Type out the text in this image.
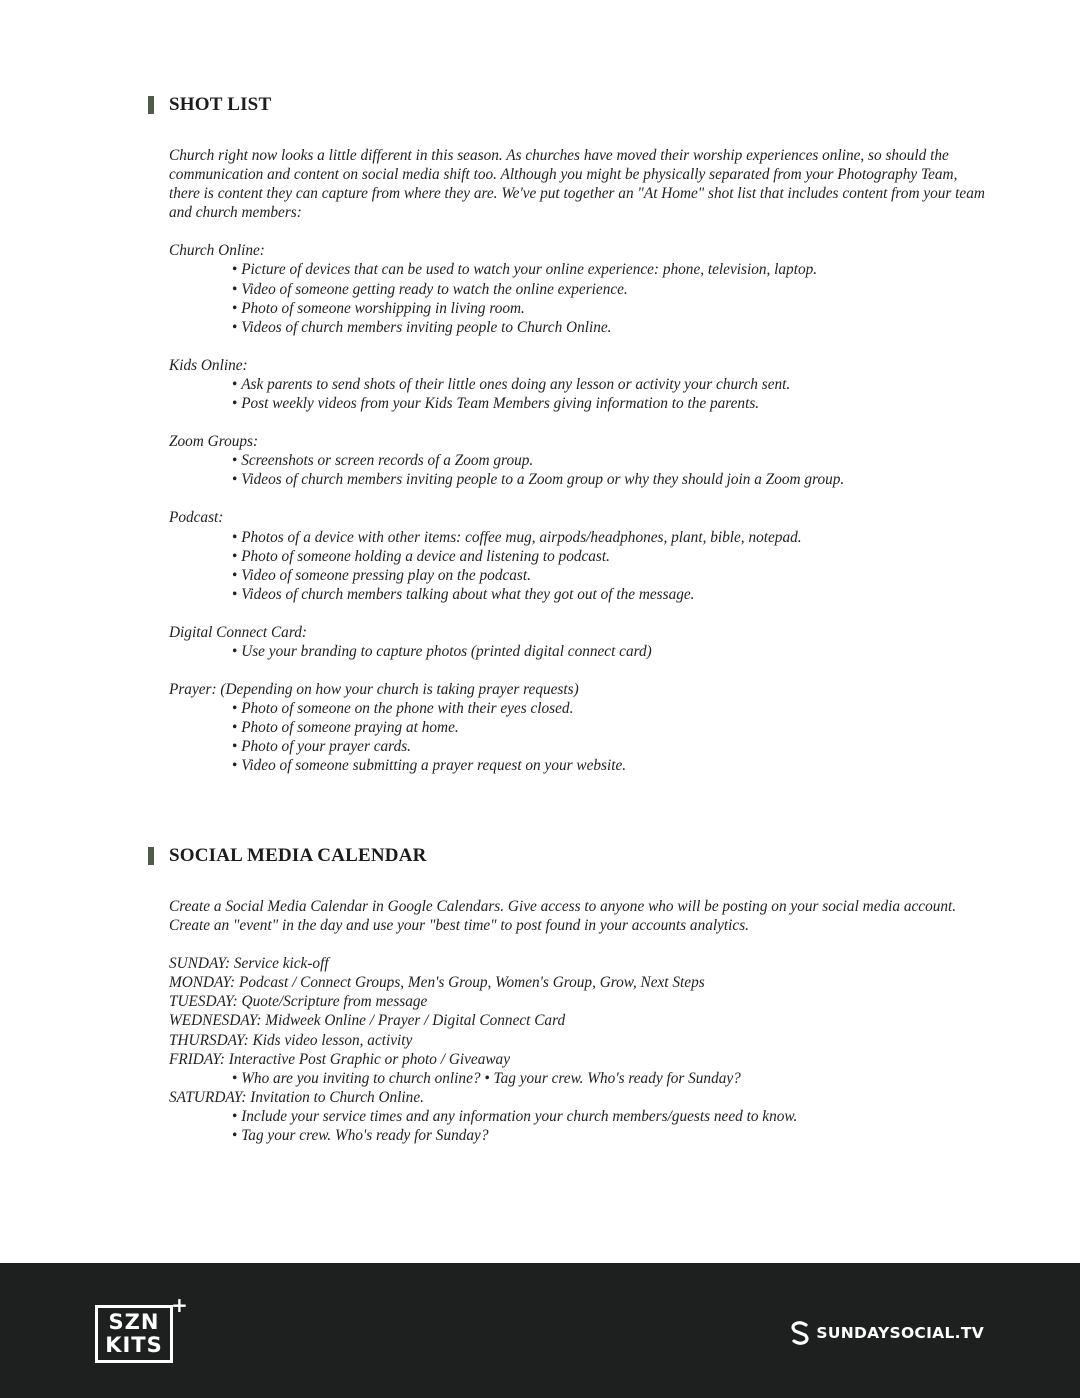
SHOT LIST

Church right now looks a little different in this season. As churches have moved their worship experiences online, so should the communication and content on social media shift too. Although you might be physically separated from your Photography Team, there is content they can capture from where they are. We've put together an "At Home" shot list that includes content from your team and church members:

Church Online:

• Picture of devices that can be used to watch your online experience: phone, television, laptop.
• Video of someone getting ready to watch the online experience.
• Photo of someone worshipping in living room.
• Videos of church members inviting people to Church Online.

Kids Online:

• Ask parents to send shots of their little ones doing any lesson or activity your church sent.
• Post weekly videos from your Kids Team Members giving information to the parents.

Zoom Groups:

• Screenshots or screen records of a Zoom group.
• Videos of church members inviting people to a Zoom group or why they should join a Zoom group.

Podcast:

• Photos of a device with other items: coffee mug, airpods/headphones, plant, bible, notepad.
• Photo of someone holding a device and listening to podcast.
• Video of someone pressing play on the podcast.
• Videos of church members talking about what they got out of the message.

Digital Connect Card:

• Use your branding to capture photos (printed digital connect card)

Prayer: (Depending on how your church is taking prayer requests)

• Photo of someone on the phone with their eyes closed.
• Photo of someone praying at home.
• Photo of your prayer cards.
• Video of someone submitting a prayer request on your website.
SOCIAL MEDIA CALENDAR

Create a Social Media Calendar in Google Calendars. Give access to anyone who will be posting on your social media account. Create an "event" in the day and use your "best time" to post found in your accounts analytics.

SUNDAY: Service kick-off

MONDAY: Podcast / Connect Groups, Men's Group, Women's Group, Grow, Next Steps

TUESDAY: Quote/Scripture from message

WEDNESDAY: Midweek Online / Prayer / Digital Connect Card

THURSDAY: Kids video lesson, activity

FRIDAY: Interactive Post Graphic or photo / Giveaway

• Who are you inviting to church online? • Tag your crew. Who's ready for Sunday?

SATURDAY: Invitation to Church Online.

• Include your service times and any information your church members/guests need to know.
• Tag your crew. Who's ready for Sunday?
SZN
KITS
+
SUNDAYSOCIAL.TV
